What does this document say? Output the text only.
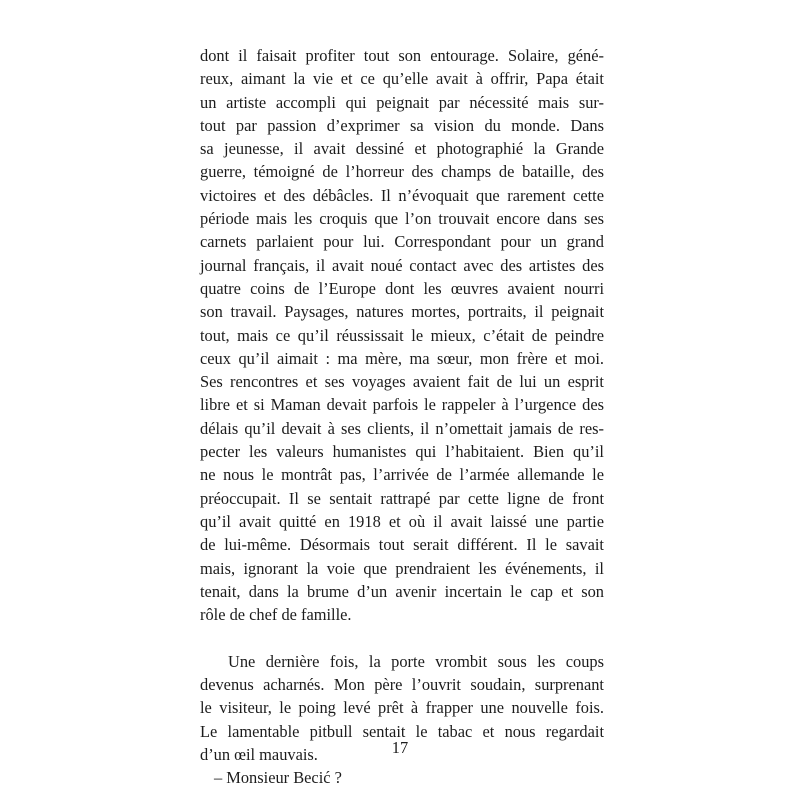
dont il faisait profiter tout son entourage. Solaire, géné-
reux, aimant la vie et ce qu’elle avait à offrir, Papa était
un artiste accompli qui peignait par nécessité mais sur-
tout par passion d’exprimer sa vision du monde. Dans
sa jeunesse, il avait dessiné et photographié la Grande
guerre, témoigné de l’horreur des champs de bataille, des
victoires et des débâcles. Il n’évoquait que rarement cette
période mais les croquis que l’on trouvait encore dans ses
carnets parlaient pour lui. Correspondant pour un grand
journal français, il avait noué contact avec des artistes des
quatre coins de l’Europe dont les œuvres avaient nourri
son travail. Paysages, natures mortes, portraits, il peignait
tout, mais ce qu’il réussissait le mieux, c’était de peindre
ceux qu’il aimait : ma mère, ma sœur, mon frère et moi.
Ses rencontres et ses voyages avaient fait de lui un esprit
libre et si Maman devait parfois le rappeler à l’urgence des
délais qu’il devait à ses clients, il n’omettait jamais de res-
pecter les valeurs humanistes qui l’habitaient. Bien qu’il
ne nous le montrât pas, l’arrivée de l’armée allemande le
préoccupait. Il se sentait rattrapé par cette ligne de front
qu’il avait quitté en 1918 et où il avait laissé une partie
de lui-même. Désormais tout serait différent. Il le savait
mais, ignorant la voie que prendraient les événements, il
tenait, dans la brume d’un avenir incertain le cap et son
rôle de chef de famille.
Une dernière fois, la porte vrombit sous les coups
devenus acharnés. Mon père l’ouvrit soudain, surprenant
le visiteur, le poing levé prêt à frapper une nouvelle fois.
Le lamentable pitbull sentait le tabac et nous regardait
d’un œil mauvais.
– Monsieur Becić ?
17
